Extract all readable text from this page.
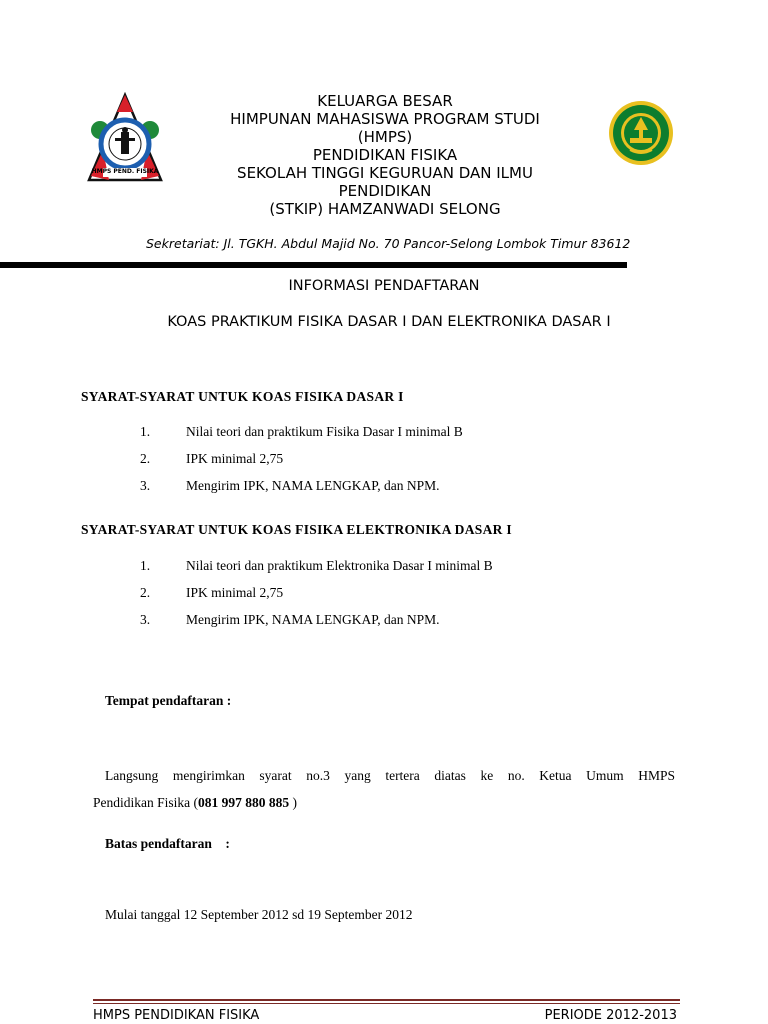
HMPS PEND. FISIKA
KELUARGA BESAR
HIMPUNAN MAHASISWA PROGRAM STUDI
(HMPS)
PENDIDIKAN FISIKA
SEKOLAH TINGGI KEGURUAN DAN ILMU
PENDIDIKAN
(STKIP) HAMZANWADI SELONG
Sekretariat: Jl. TGKH. Abdul Majid No. 70 Pancor-Selong Lombok Timur 83612
INFORMASI PENDAFTARAN
KOAS PRAKTIKUM FISIKA DASAR I DAN ELEKTRONIKA DASAR I
SYARAT-SYARAT UNTUK KOAS FISIKA DASAR I
1.	Nilai teori dan praktikum Fisika Dasar I minimal B
2.	IPK minimal 2,75
3.	Mengirim IPK, NAMA LENGKAP, dan NPM.
SYARAT-SYARAT UNTUK KOAS FISIKA ELEKTRONIKA DASAR I
1.	Nilai teori dan praktikum Elektronika Dasar I minimal B
2.	IPK minimal 2,75
3.	Mengirim IPK, NAMA LENGKAP, dan NPM.
Tempat pendaftaran :
Langsung mengirimkan syarat no.3 yang tertera diatas ke no. Ketua Umum HMPS
Pendidikan Fisika (081 997 880 885 )
Batas pendaftaran    :
Mulai tanggal 12 September 2012 sd 19 September 2012
HMPS PENDIDIKAN FISIKA	PERIODE 2012-2013
